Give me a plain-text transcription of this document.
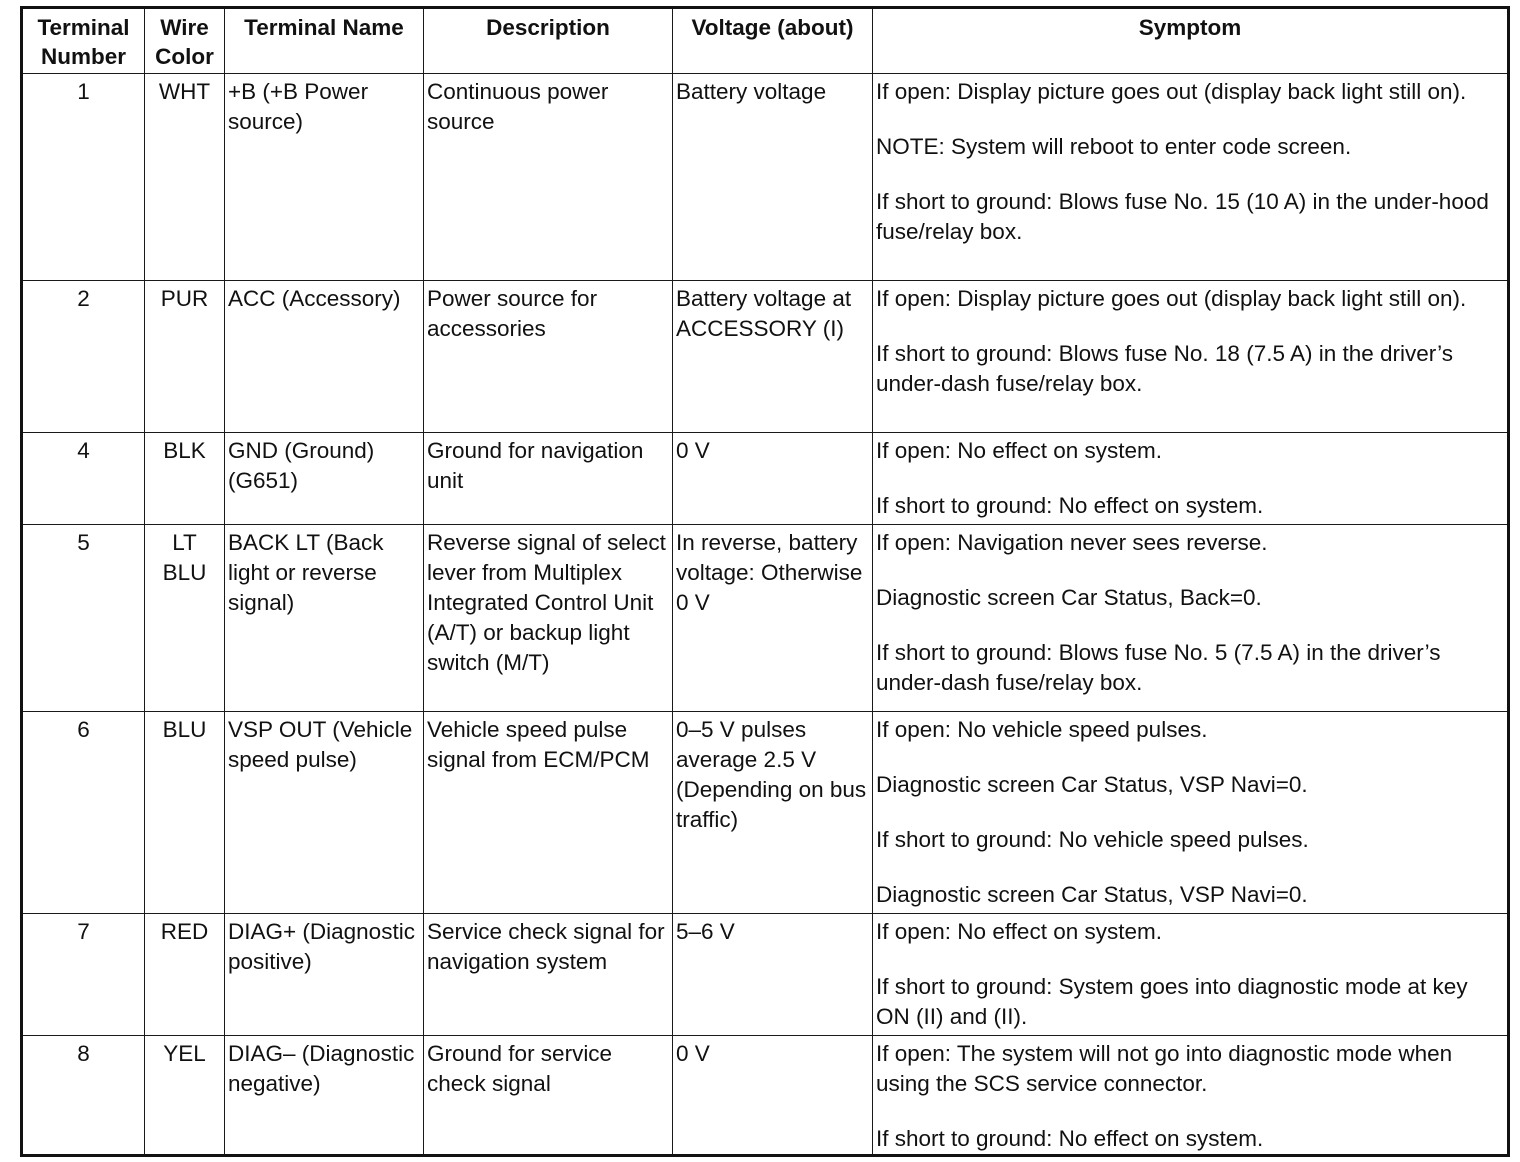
Terminal Number	Wire Color	Terminal Name	Description	Voltage (about)	Symptom
1	WHT	+B (+B Power source)	Continuous power source	Battery voltage	If open: Display picture goes out (display back light still on).

NOTE: System will reboot to enter code screen.

If short to ground: Blows fuse No. 15 (10 A) in the under-hood fuse/relay box.

2	PUR	ACC (Accessory)	Power source for accessories	Battery voltage at ACCESSORY (I)	If open: Display picture goes out (display back light still on).

If short to ground: Blows fuse No. 18 (7.5 A) in the driver’s under-dash fuse/relay box.

4	BLK	GND (Ground) (G651)	Ground for navigation unit	0 V	If open: No effect on system.

If short to ground: No effect on system.

5	LT BLU	BACK LT (Back light or reverse signal)	Reverse signal of select lever from Multiplex Integrated Control Unit (A/T) or backup light switch (M/T)	In reverse, battery voltage: Otherwise 0 V	If open: Navigation never sees reverse.

Diagnostic screen Car Status, Back=0.

If short to ground: Blows fuse No. 5 (7.5 A) in the driver’s under-dash fuse/relay box.

6	BLU	VSP OUT (Vehicle speed pulse)	Vehicle speed pulse signal from ECM/PCM	0–5 V pulses average 2.5 V (Depending on bus traffic)	If open: No vehicle speed pulses.

Diagnostic screen Car Status, VSP Navi=0.

If short to ground: No vehicle speed pulses.

Diagnostic screen Car Status, VSP Navi=0.

7	RED	DIAG+ (Diagnostic positive)	Service check signal for navigation system	5–6 V	If open: No effect on system.

If short to ground: System goes into diagnostic mode at key ON (II) and (II).

8	YEL	DIAG– (Diagnostic negative)	Ground for service check signal	0 V	If open: The system will not go into diagnostic mode when using the SCS service connector.

If short to ground: No effect on system.
